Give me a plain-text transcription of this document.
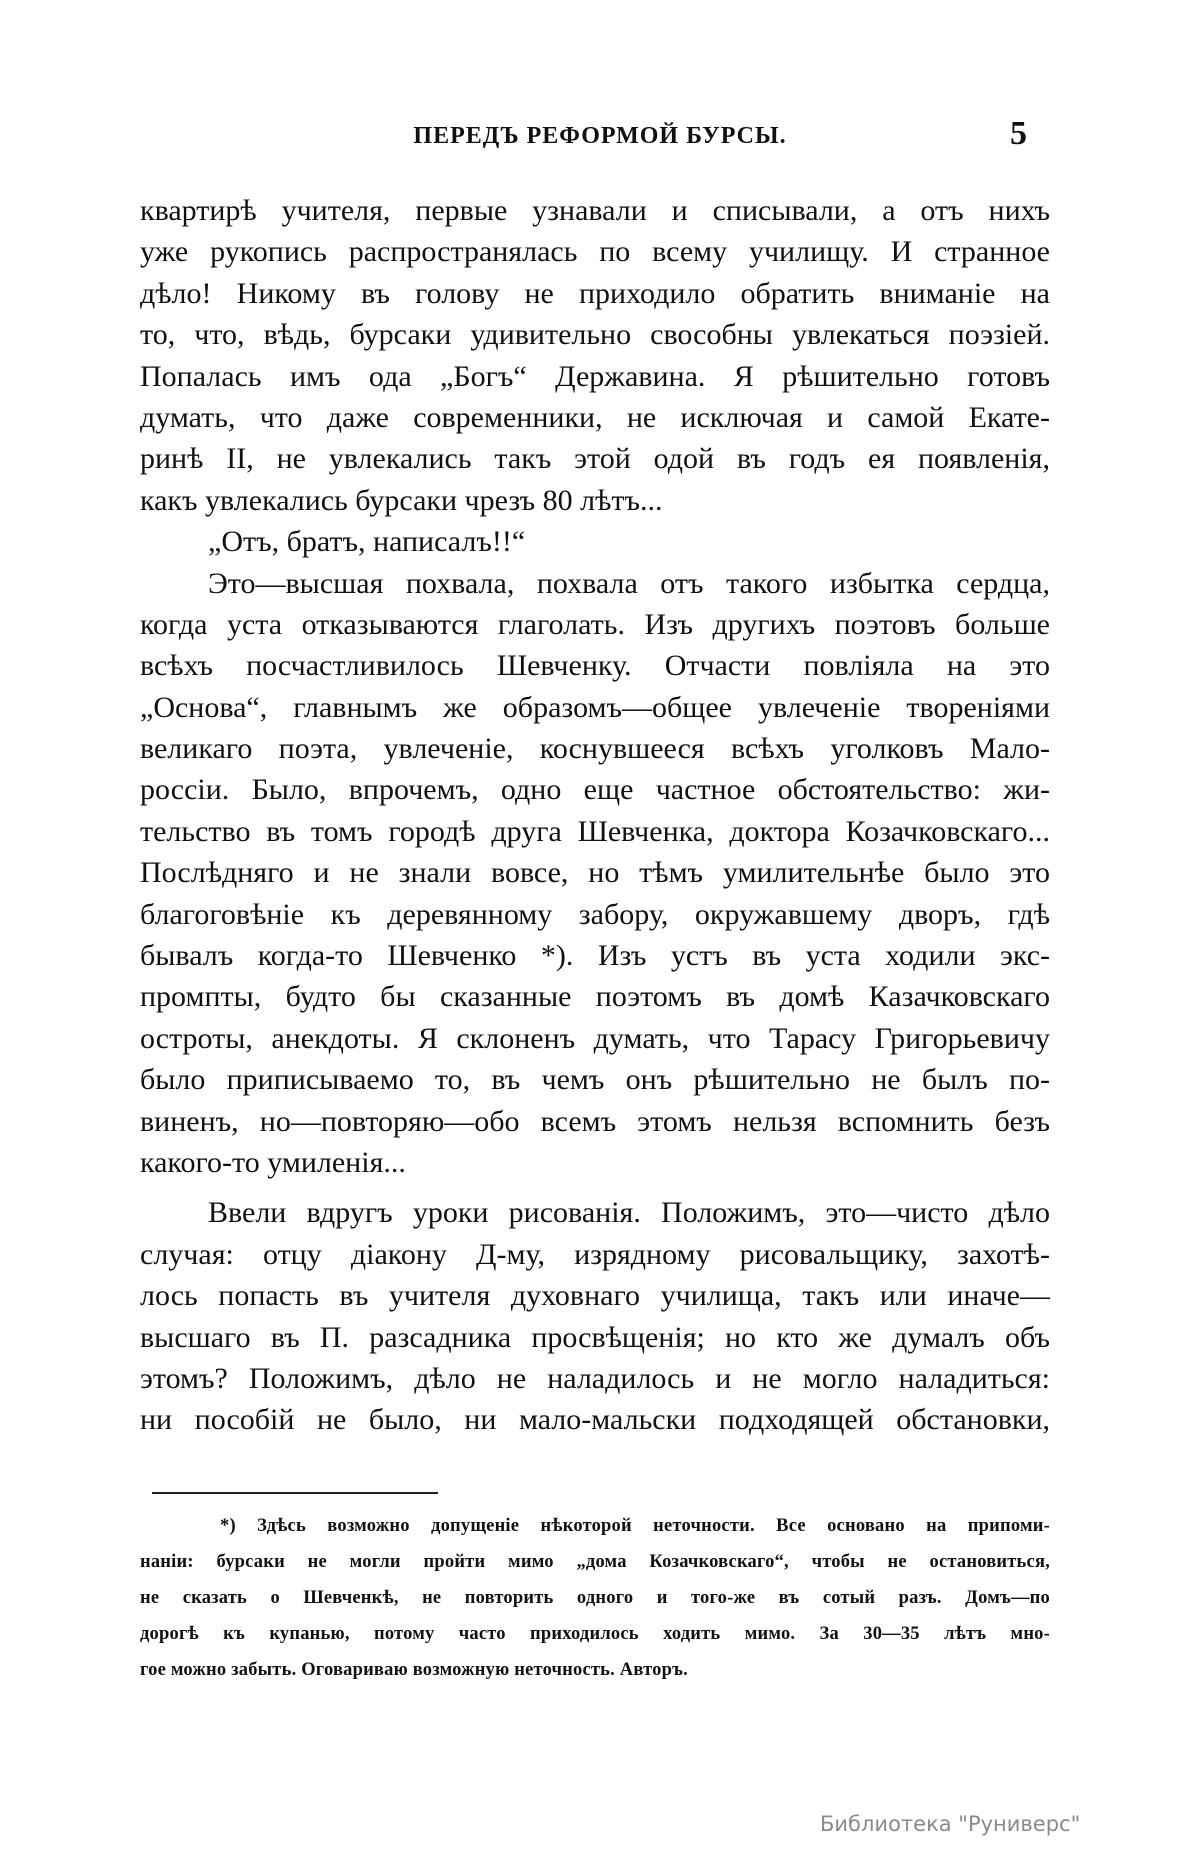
ПЕРЕДЪ РЕФОРМОЙ БУРСЫ.	5
квартирѣ учителя, первые узнавали и списывали, а отъ нихъ
уже рукопись распространялась по всему училищу. И странное
дѣло! Никому въ голову не приходило обратить вниманіе на
то, что, вѣдь, бурсаки удивительно свособны увлекаться поэзіей.
Попалась имъ ода „Богъ“ Державина. Я рѣшительно готовъ
думать, что даже современники, не исключая и самой Екате-
ринѣ II, не увлекались такъ этой одой въ годъ ея появленія,
какъ увлекались бурсаки чрезъ 80 лѣтъ...
„Отъ, братъ, написалъ!!“
Это—высшая похвала, похвала отъ такого избытка сердца,
когда уста отказываются глаголать. Изъ другихъ поэтовъ больше
всѣхъ посчастливилось Шевченку. Отчасти повліяла на это
„Основа“, главнымъ же образомъ—общее увлеченіе твореніями
великаго поэта, увлеченіе, коснувшееся всѣхъ уголковъ Мало-
россіи. Было, впрочемъ, одно еще частное обстоятельство: жи-
тельство въ томъ городѣ друга Шевченка, доктора Козачковскаго...
Послѣдняго и не знали вовсе, но тѣмъ умилительнѣе было это
благоговѣніе къ деревянному забору, окружавшему дворъ, гдѣ
бывалъ когда-то Шевченко *). Изъ устъ въ уста ходили экс-
промпты, будто бы сказанные поэтомъ въ домѣ Казачковскаго
остроты, анекдоты. Я склоненъ думать, что Тарасу Григорьевичу
было приписываемо то, въ чемъ онъ рѣшительно не былъ по-
виненъ, но—повторяю—обо всемъ этомъ нельзя вспомнить безъ
какого-то умиленія...
Ввели вдругъ уроки рисованія. Положимъ, это—чисто дѣло
случая: отцу діакону Д-му, изрядному рисовальщику, захотѣ-
лось попасть въ учителя духовнаго училища, такъ или иначе—
высшаго въ П. разсадника просвѣщенія; но кто же думалъ объ
этомъ? Положимъ, дѣло не наладилось и не могло наладиться:
ни пособій не было, ни мало-мальски подходящей обстановки,
*) Здѣсь возможно допущеніе нѣкоторой неточности. Все основано на припоми-
наніи: бурсаки не могли пройти мимо „дома Козачковскаго“, чтобы не остановиться,
не сказать о Шевченкѣ, не повторить одного и того-же въ сотый разъ. Домъ—по
дорогѣ къ купанью, потому часто приходилось ходить мимо. За 30—35 лѣтъ мно-
гое можно забыть. Оговариваю возможную неточность. Авторъ.
Библиотека "Руниверс"
